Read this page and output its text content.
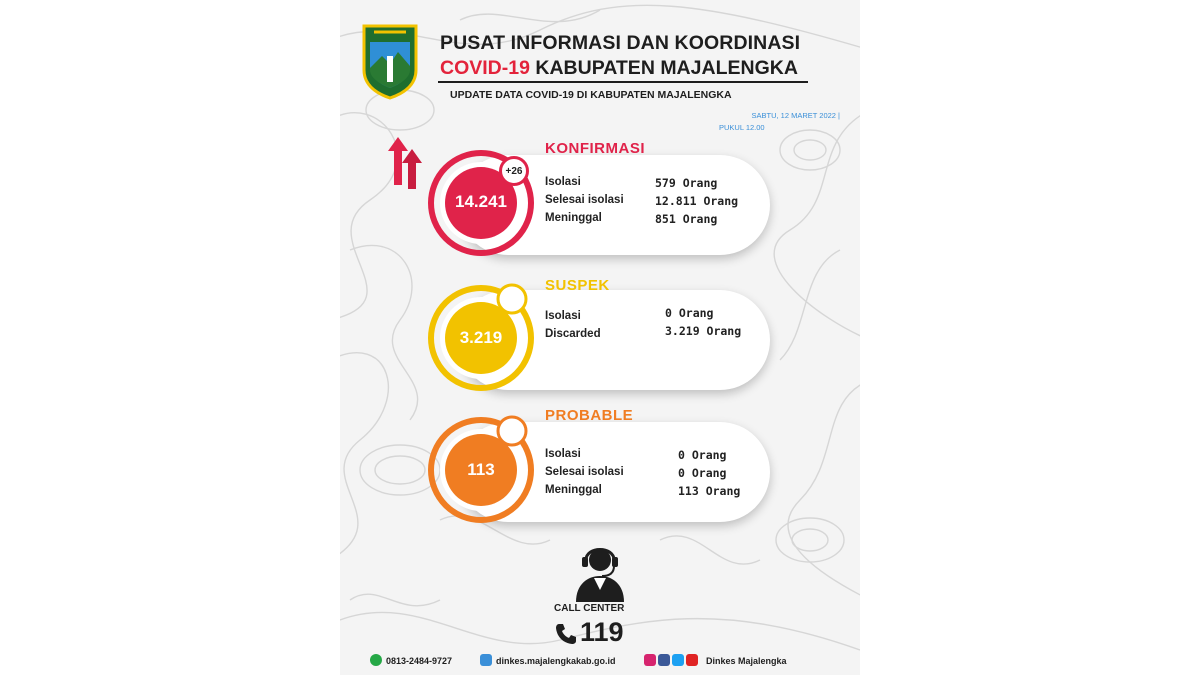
PUSAT INFORMASI DAN KOORDINASI
COVID-19 KABUPATEN MAJALENGKA
UPDATE DATA COVID-19 DI KABUPATEN MAJALENGKA
SABTU, 12 MARET 2022 |
PUKUL 12.00
14.241
+26
KONFIRMASI
Isolasi	579 Orang
Selesai isolasi	12.811 Orang
Meninggal	851 Orang
3.219
SUSPEK
Isolasi	0 Orang
Discarded	3.219 Orang
113
PROBABLE
Isolasi	0 Orang
Selesai isolasi	0 Orang
Meninggal	113 Orang
CALL CENTER
119
0813-2484-9727	dinkes.majalengkakab.go.id	Dinkes Majalengka
